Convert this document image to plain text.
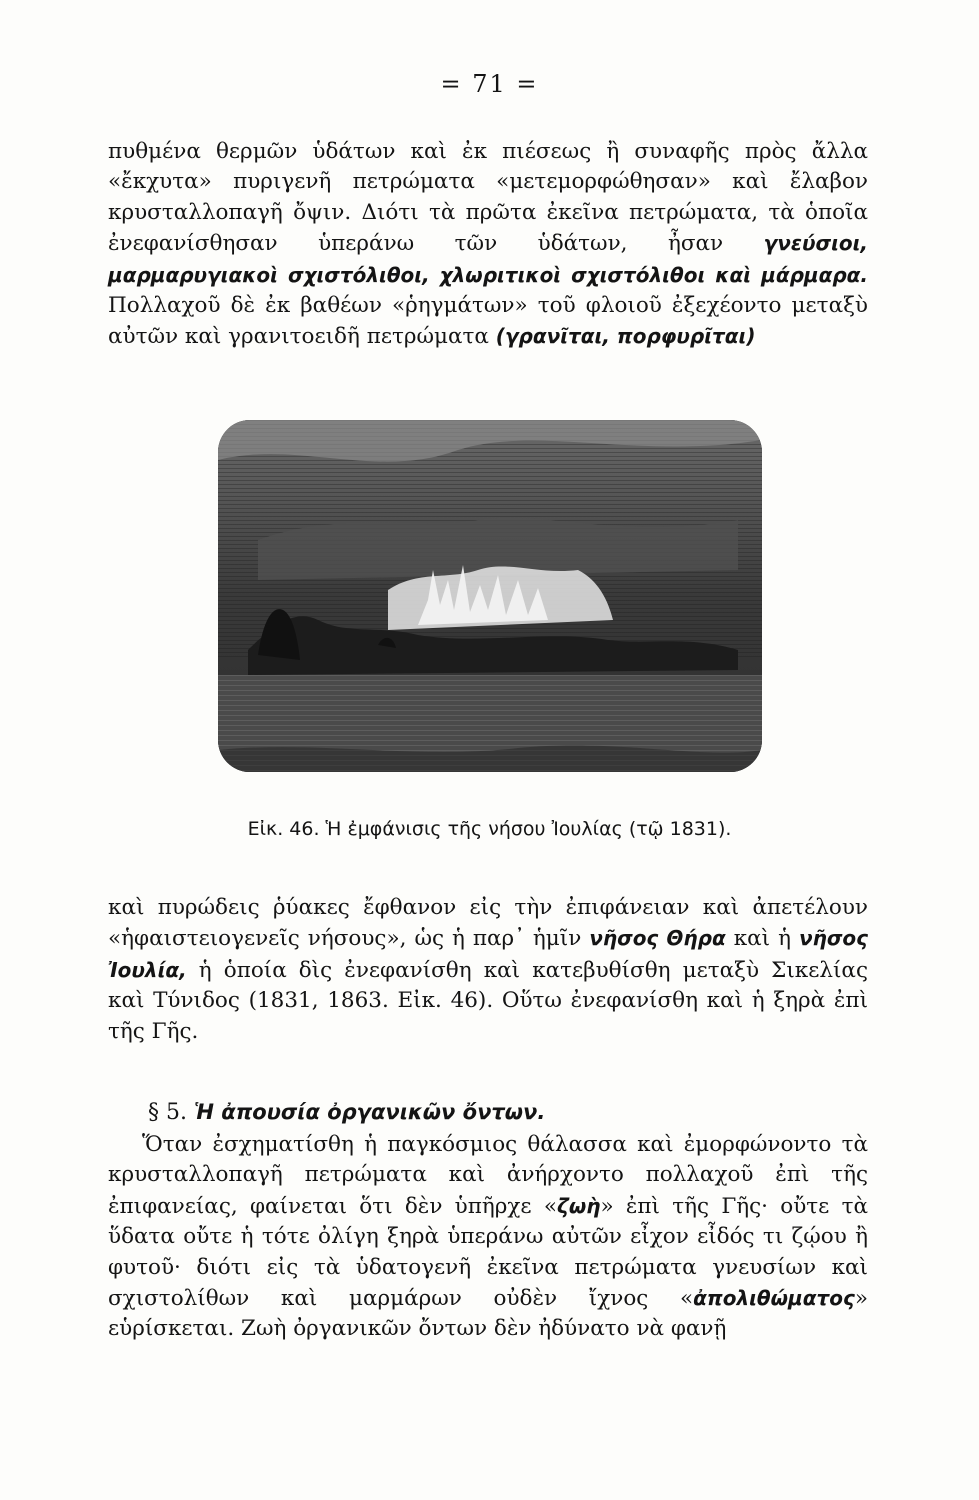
= 71 =
πυθμένα θερμῶν ὑδάτων καὶ ἐκ πιέσεως ἢ συναφῆς πρὸς ἄλλα «ἔκχυτα» πυριγενῆ πετρώματα «μετεμορφώθησαν» καὶ ἔλαβον κρυσταλλοπαγῆ ὄψιν. Διότι τὰ πρῶτα ἐκεῖνα πετρώματα, τὰ ὁποῖα ἐνεφανίσθησαν ὑπεράνω τῶν ὑδάτων, ἦσαν γνεύσιοι, μαρμαρυγιακοὶ σχιστόλιθοι, χλωριτικοὶ σχιστόλιθοι καὶ μάρμαρα. Πολλαχοῦ δὲ ἐκ βαθέων «ῥηγμάτων» τοῦ φλοιοῦ ἐξεχέοντο μεταξὺ αὐτῶν καὶ γρανιτοειδῆ πετρώματα (γρανῖται, πορφυρῖται)
Εἰκ. 46. Ἡ ἐμφάνισις τῆς νήσου Ἰουλίας (τῷ 1831).
καὶ πυρώδεις ῥύακες ἔφθανον εἰς τὴν ἐπιφάνειαν καὶ ἀπετέλουν «ἡφαιστειογενεῖς νήσους», ὡς ἡ παρ᾽ ἡμῖν νῆσος Θήρα καὶ ἡ νῆσος Ἰουλία, ἡ ὁποία δὶς ἐνεφανίσθη καὶ κατεβυθίσθη μεταξὺ Σικελίας καὶ Τύνιδος (1831, 1863. Εἰκ. 46). Οὕτω ἐνεφανίσθη καὶ ἡ ξηρὰ ἐπὶ τῆς Γῆς.
§ 5. Ἡ ἀπουσία ὀργανικῶν ὄντων.
Ὅταν ἐσχηματίσθη ἡ παγκόσμιος θάλασσα καὶ ἐμορφώνοντο τὰ κρυσταλλοπαγῆ πετρώματα καὶ ἀνήρχοντο πολλαχοῦ ἐπὶ τῆς ἐπιφανείας, φαίνεται ὅτι δὲν ὑπῆρχε «ζωὴ» ἐπὶ τῆς Γῆς· οὔτε τὰ ὕδατα οὔτε ἡ τότε ὀλίγη ξηρὰ ὑπεράνω αὐτῶν εἶχον εἶδός τι ζῴου ἢ φυτοῦ· διότι εἰς τὰ ὑδατογενῆ ἐκεῖνα πετρώματα γνευσίων καὶ σχιστολίθων καὶ μαρμάρων οὐδὲν ἴχνος «ἀπολιθώματος» εὑρίσκεται. Ζωὴ ὀργανικῶν ὄντων δὲν ἠδύνατο νὰ φανῇ
